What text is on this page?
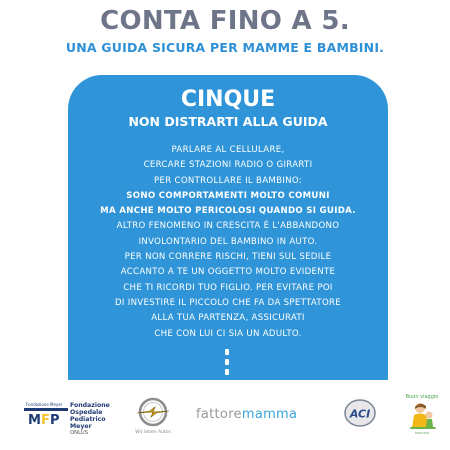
CONTA FINO A 5.
UNA GUIDA SICURA PER MAMME E BAMBINI.
CINQUE
NON DISTRARTI ALLA GUIDA
PARLARE AL CELLULARE,
CERCARE STAZIONI RADIO O GIRARTI
PER CONTROLLARE IL BAMBINO:
SONO COMPORTAMENTI MOLTO COMUNI
MA ANCHE MOLTO PERICOLOSI QUANDO SI GUIDA.
ALTRO FENOMENO IN CRESCITA È L'ABBANDONO
INVOLONTARIO DEL BAMBINO IN AUTO.
PER NON CORRERE RISCHI, TIENI SUL SEDILE
ACCANTO A TE UN OGGETTO MOLTO EVIDENTE
CHE TI RICORDI TUO FIGLIO. PER EVITARE POI
DI INVESTIRE IL PICCOLO CHE FA DA SPETTATORE
ALLA TUA PARTENZA, ASSICURATI
CHE CON LUI CI SIA UN ADULTO.
M F P
Fondazione Meyer Fondazione
Ospedale
Pediatrico
Meyer
ONLUS	Wir leben Autos
fattoremamma	ACI
Buon viaggio
mamma
